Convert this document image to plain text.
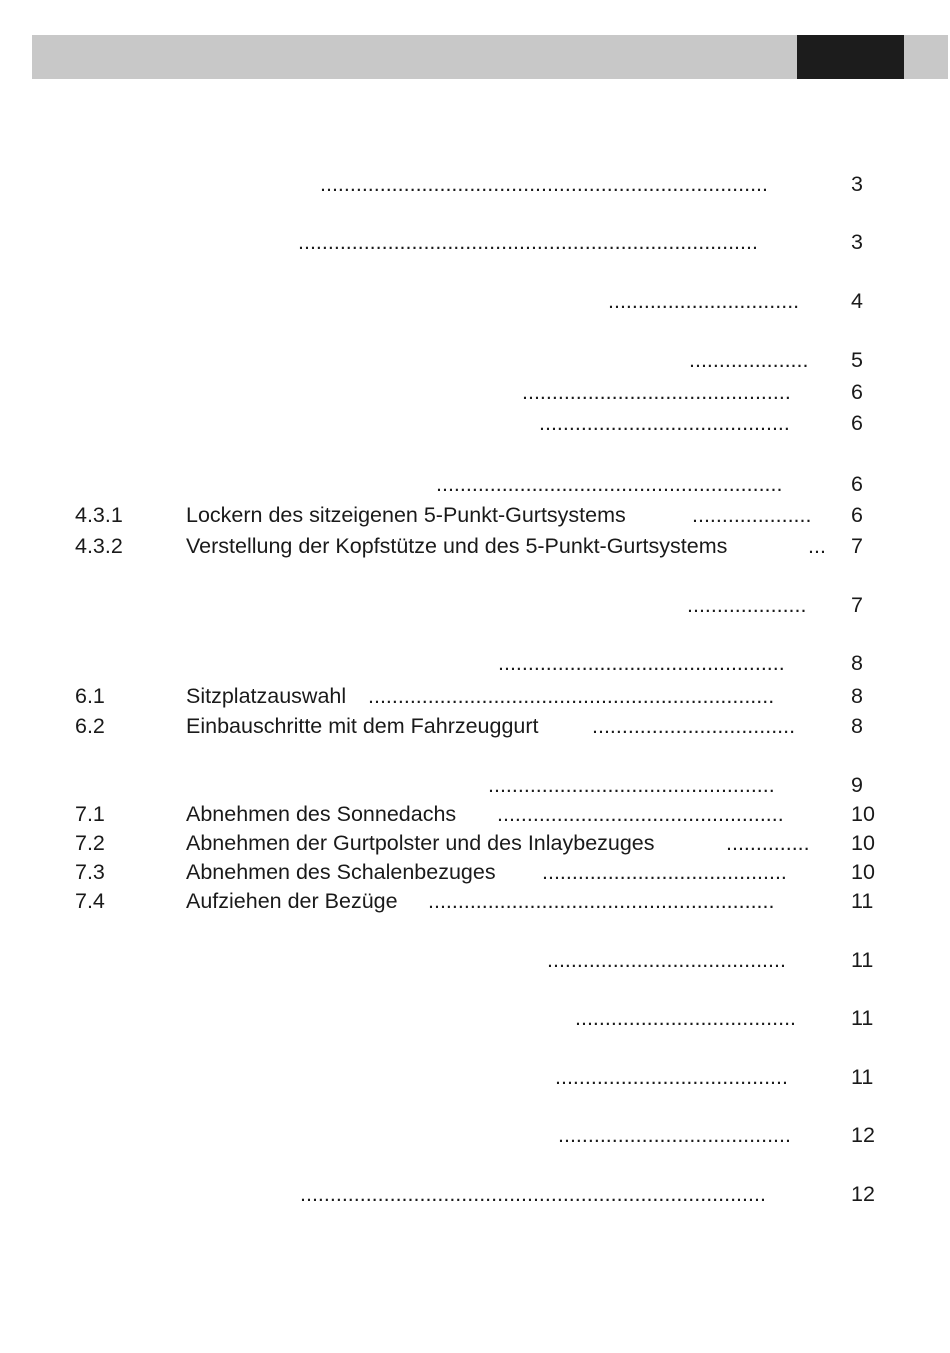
...........................................................................	3
.............................................................................	3
................................	4
....................	5
.............................................	6
..........................................	6
..........................................................	6
4.3.1	Lockern des sitzeigenen 5-Punkt-Gurtsystems	....................	6
4.3.2	Verstellung der Kopfstütze und des 5-Punkt-Gurtsystems	... 7
....................	7
................................................	8
6.1	Sitzplatzauswahl ....................................................................	8
6.2	Einbauschritte mit dem Fahrzeuggurt ..................................	8
................................................	9
7.1	Abnehmen des Sonnedachs ................................................	10
7.2	Abnehmen der Gurtpolster und des Inlaybezuges	..............	10
7.3	Abnehmen des Schalenbezuges .........................................	10
7.4	Aufziehen der Bezüge ..........................................................	11
........................................	11
.....................................	11
.......................................	11
.......................................	12
..............................................................................	12
